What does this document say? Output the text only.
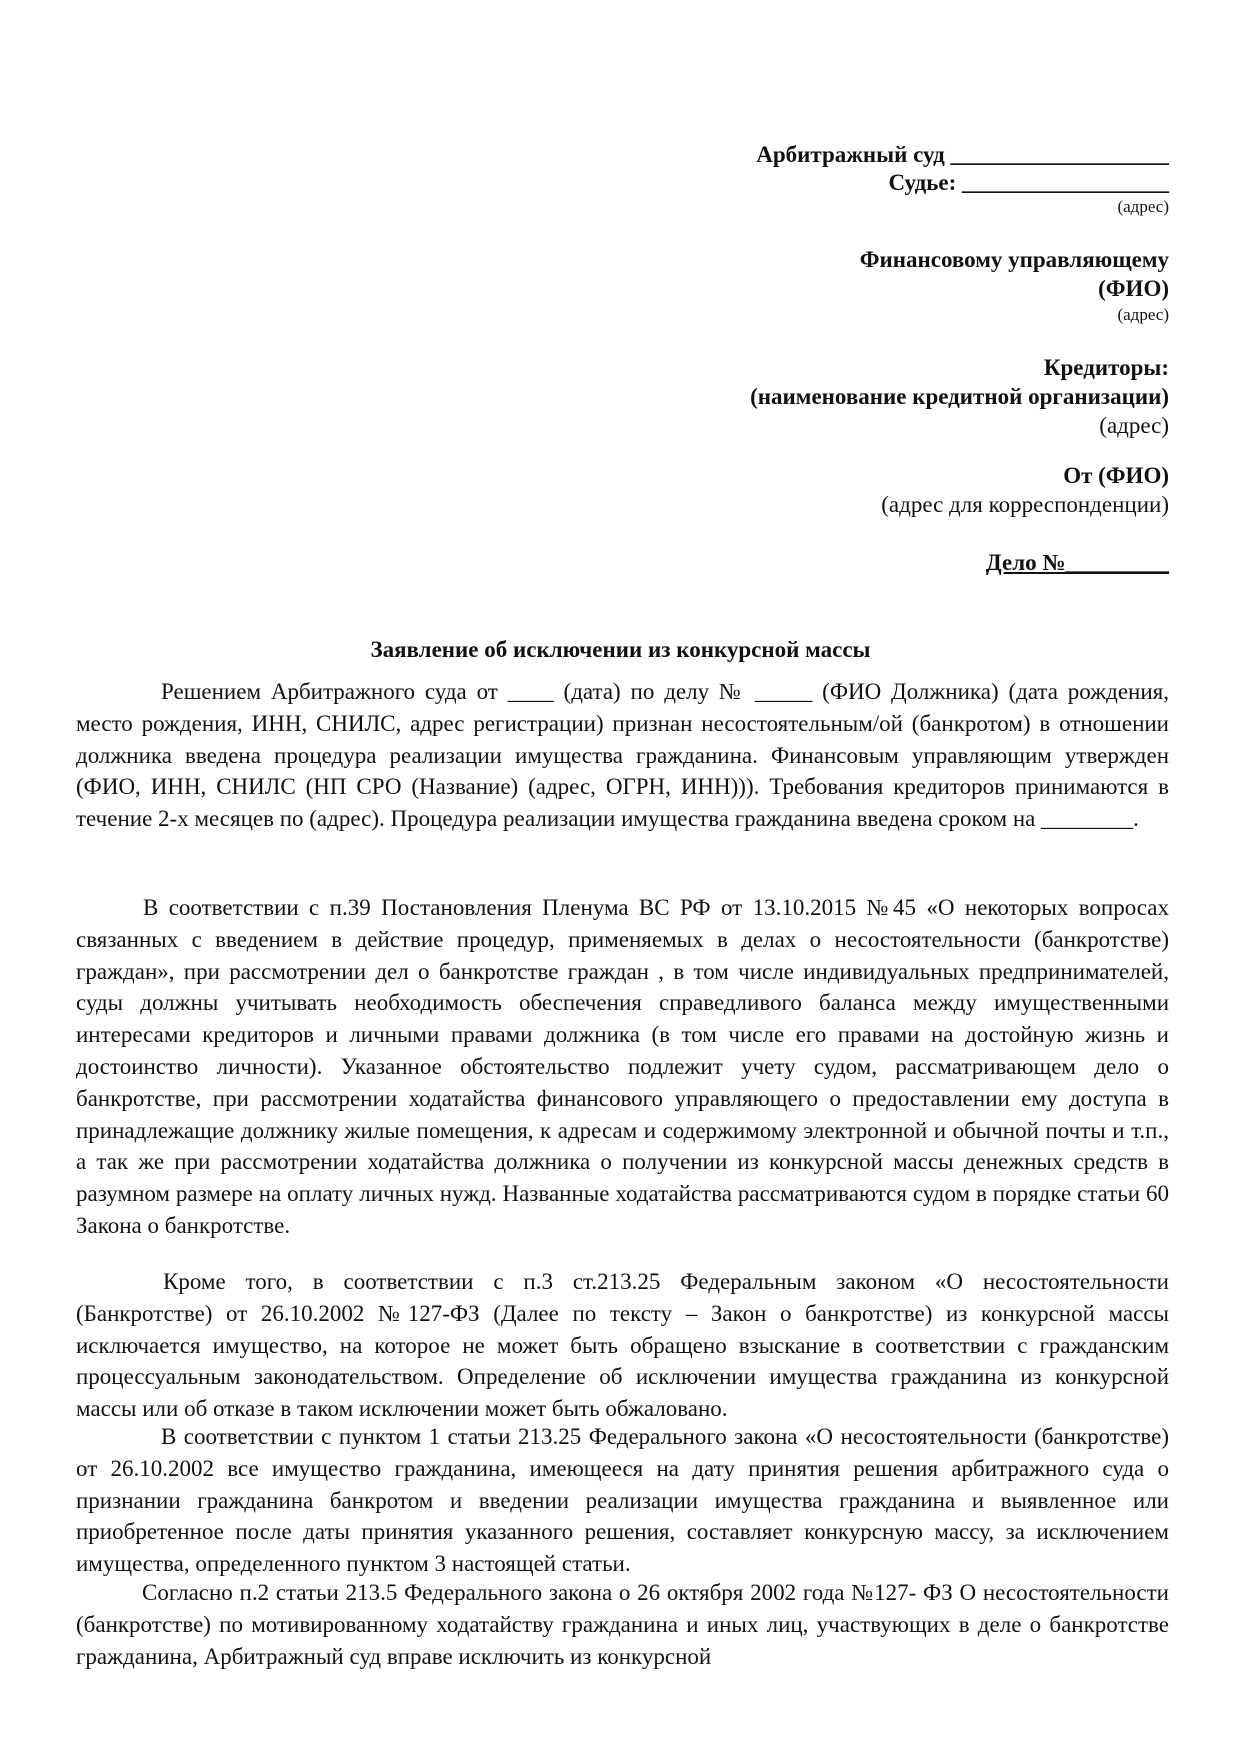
Арбитражный суд ___________________
Судье: __________________
(адрес)
Финансовому управляющему
(ФИО)
(адрес)
Кредиторы:
(наименование кредитной организации)
(адрес)
От (ФИО)
(адрес для корреспонденции)
Дело №_________
Заявление об исключении из конкурсной массы
Решением Арбитражного суда от ____ (дата) по делу № _____ (ФИО Должника) (дата рождения, место рождения, ИНН, СНИЛС, адрес регистрации) признан несостоятельным/ой (банкротом) в отношении должника введена процедура реализации имущества гражданина. Финансовым управляющим утвержден (ФИО, ИНН, СНИЛС (НП СРО (Название) (адрес, ОГРН, ИНН))). Требования кредиторов принимаются в течение 2-х месяцев по (адрес). Процедура реализации имущества гражданина введена сроком на ________.
В соответствии с п.39 Постановления Пленума ВС РФ от 13.10.2015 №45 «О некоторых вопросах связанных с введением в действие процедур, применяемых в делах о несостоятельности (банкротстве) граждан», при рассмотрении дел о банкротстве граждан , в том числе индивидуальных предпринимателей, суды должны учитывать необходимость обеспечения справедливого баланса между имущественными интересами кредиторов и личными правами должника (в том числе его правами на достойную жизнь и достоинство личности). Указанное обстоятельство подлежит учету судом, рассматривающем дело о банкротстве, при рассмотрении ходатайства финансового управляющего о предоставлении ему доступа в принадлежащие должнику жилые помещения, к адресам и содержимому электронной и обычной почты и т.п., а так же при рассмотрении ходатайства должника о получении из конкурсной массы денежных средств в разумном размере на оплату личных нужд. Названные ходатайства рассматриваются судом в порядке статьи 60 Закона о банкротстве.
Кроме того, в соответствии с п.3 ст.213.25 Федеральным законом «О несостоятельности (Банкротстве) от 26.10.2002 №127-ФЗ (Далее по тексту – Закон о банкротстве) из конкурсной массы исключается имущество, на которое не может быть обращено взыскание в соответствии с гражданским процессуальным законодательством. Определение об исключении имущества гражданина из конкурсной массы или об отказе в таком исключении может быть обжаловано.
В соответствии с пунктом 1 статьи 213.25 Федерального закона «О несостоятельности (банкротстве) от 26.10.2002 все имущество гражданина, имеющееся на дату принятия решения арбитражного суда о признании гражданина банкротом и введении реализации имущества гражданина и выявленное или приобретенное после даты принятия указанного решения, составляет конкурсную массу, за исключением имущества, определенного пунктом 3 настоящей статьи.
Согласно п.2 статьи 213.5 Федерального закона о 26 октября 2002 года №127- ФЗ О несостоятельности (банкротстве) по мотивированному ходатайству гражданина и иных лиц, участвующих в деле о банкротстве гражданина, Арбитражный суд вправе исключить из конкурсной
